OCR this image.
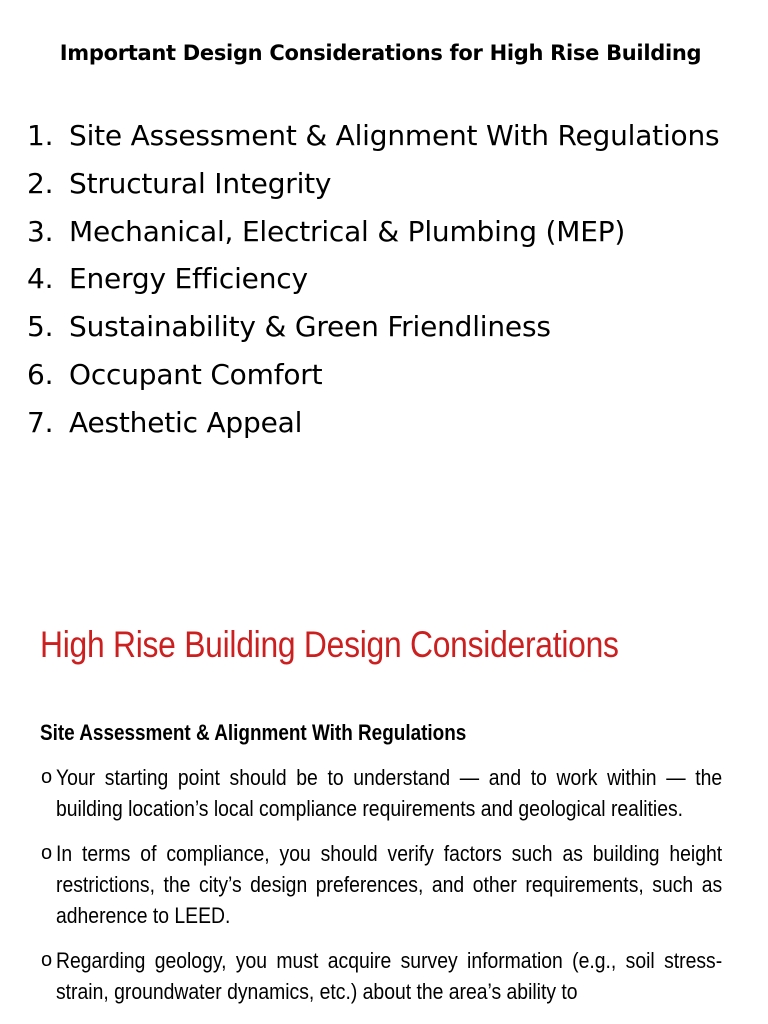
Important Design Considerations for High Rise Building
1. Site Assessment & Alignment With Regulations
2. Structural Integrity
3. Mechanical, Electrical & Plumbing (MEP)
4. Energy Efficiency
5. Sustainability & Green Friendliness
6. Occupant Comfort
7. Aesthetic Appeal
High Rise Building Design Considerations
Site Assessment & Alignment With Regulations
o Your starting point should be to understand — and to work within — the building location’s local compliance requirements and geological realities.
o In terms of compliance, you should verify factors such as building height restrictions, the city’s design preferences, and other requirements, such as adherence to LEED.
o Regarding geology, you must acquire survey information (e.g., soil stress-strain, groundwater dynamics, etc.) about the area’s ability to
